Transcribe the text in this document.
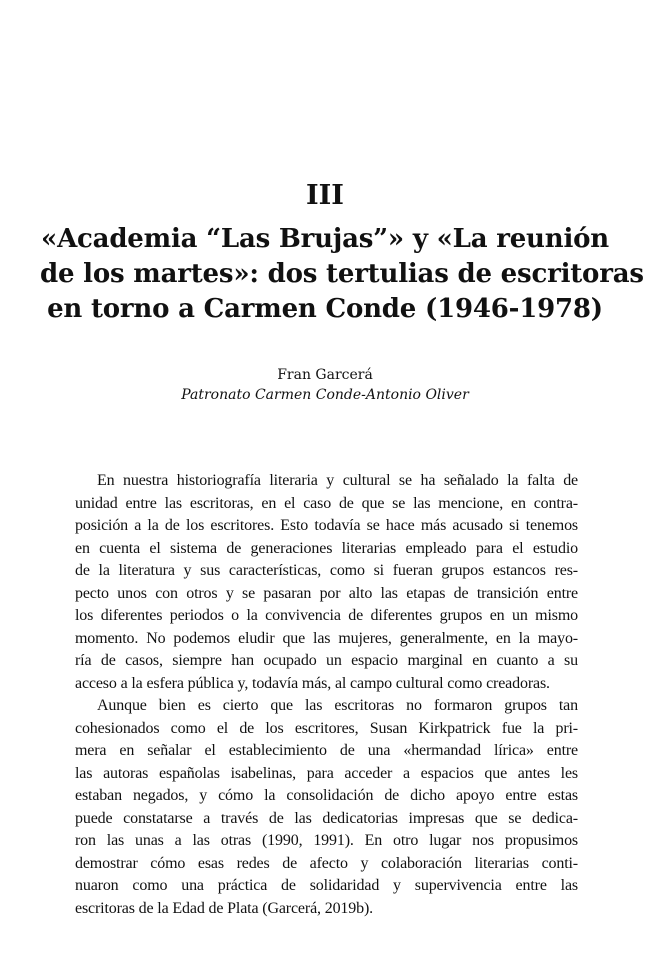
III
«Academia “Las Brujas”» y «La reunión
de los martes»: dos tertulias de escritoras
en torno a Carmen Conde (1946-1978)
Fran Garcerá
Patronato Carmen Conde-Antonio Oliver
En nuestra historiografía literaria y cultural se ha señalado la falta de
unidad entre las escritoras, en el caso de que se las mencione, en contra-
posición a la de los escritores. Esto todavía se hace más acusado si tenemos
en cuenta el sistema de generaciones literarias empleado para el estudio
de la literatura y sus características, como si fueran grupos estancos res-
pecto unos con otros y se pasaran por alto las etapas de transición entre
los diferentes periodos o la convivencia de diferentes grupos en un mismo
momento. No podemos eludir que las mujeres, generalmente, en la mayo-
ría de casos, siempre han ocupado un espacio marginal en cuanto a su
acceso a la esfera pública y, todavía más, al campo cultural como creadoras.
Aunque bien es cierto que las escritoras no formaron grupos tan
cohesionados como el de los escritores, Susan Kirkpatrick fue la pri-
mera en señalar el establecimiento de una «hermandad lírica» entre
las autoras españolas isabelinas, para acceder a espacios que antes les
estaban negados, y cómo la consolidación de dicho apoyo entre estas
puede constatarse a través de las dedicatorias impresas que se dedica-
ron las unas a las otras (1990, 1991). En otro lugar nos propusimos
demostrar cómo esas redes de afecto y colaboración literarias conti-
nuaron como una práctica de solidaridad y supervivencia entre las
escritoras de la Edad de Plata (Garcerá, 2019b).
